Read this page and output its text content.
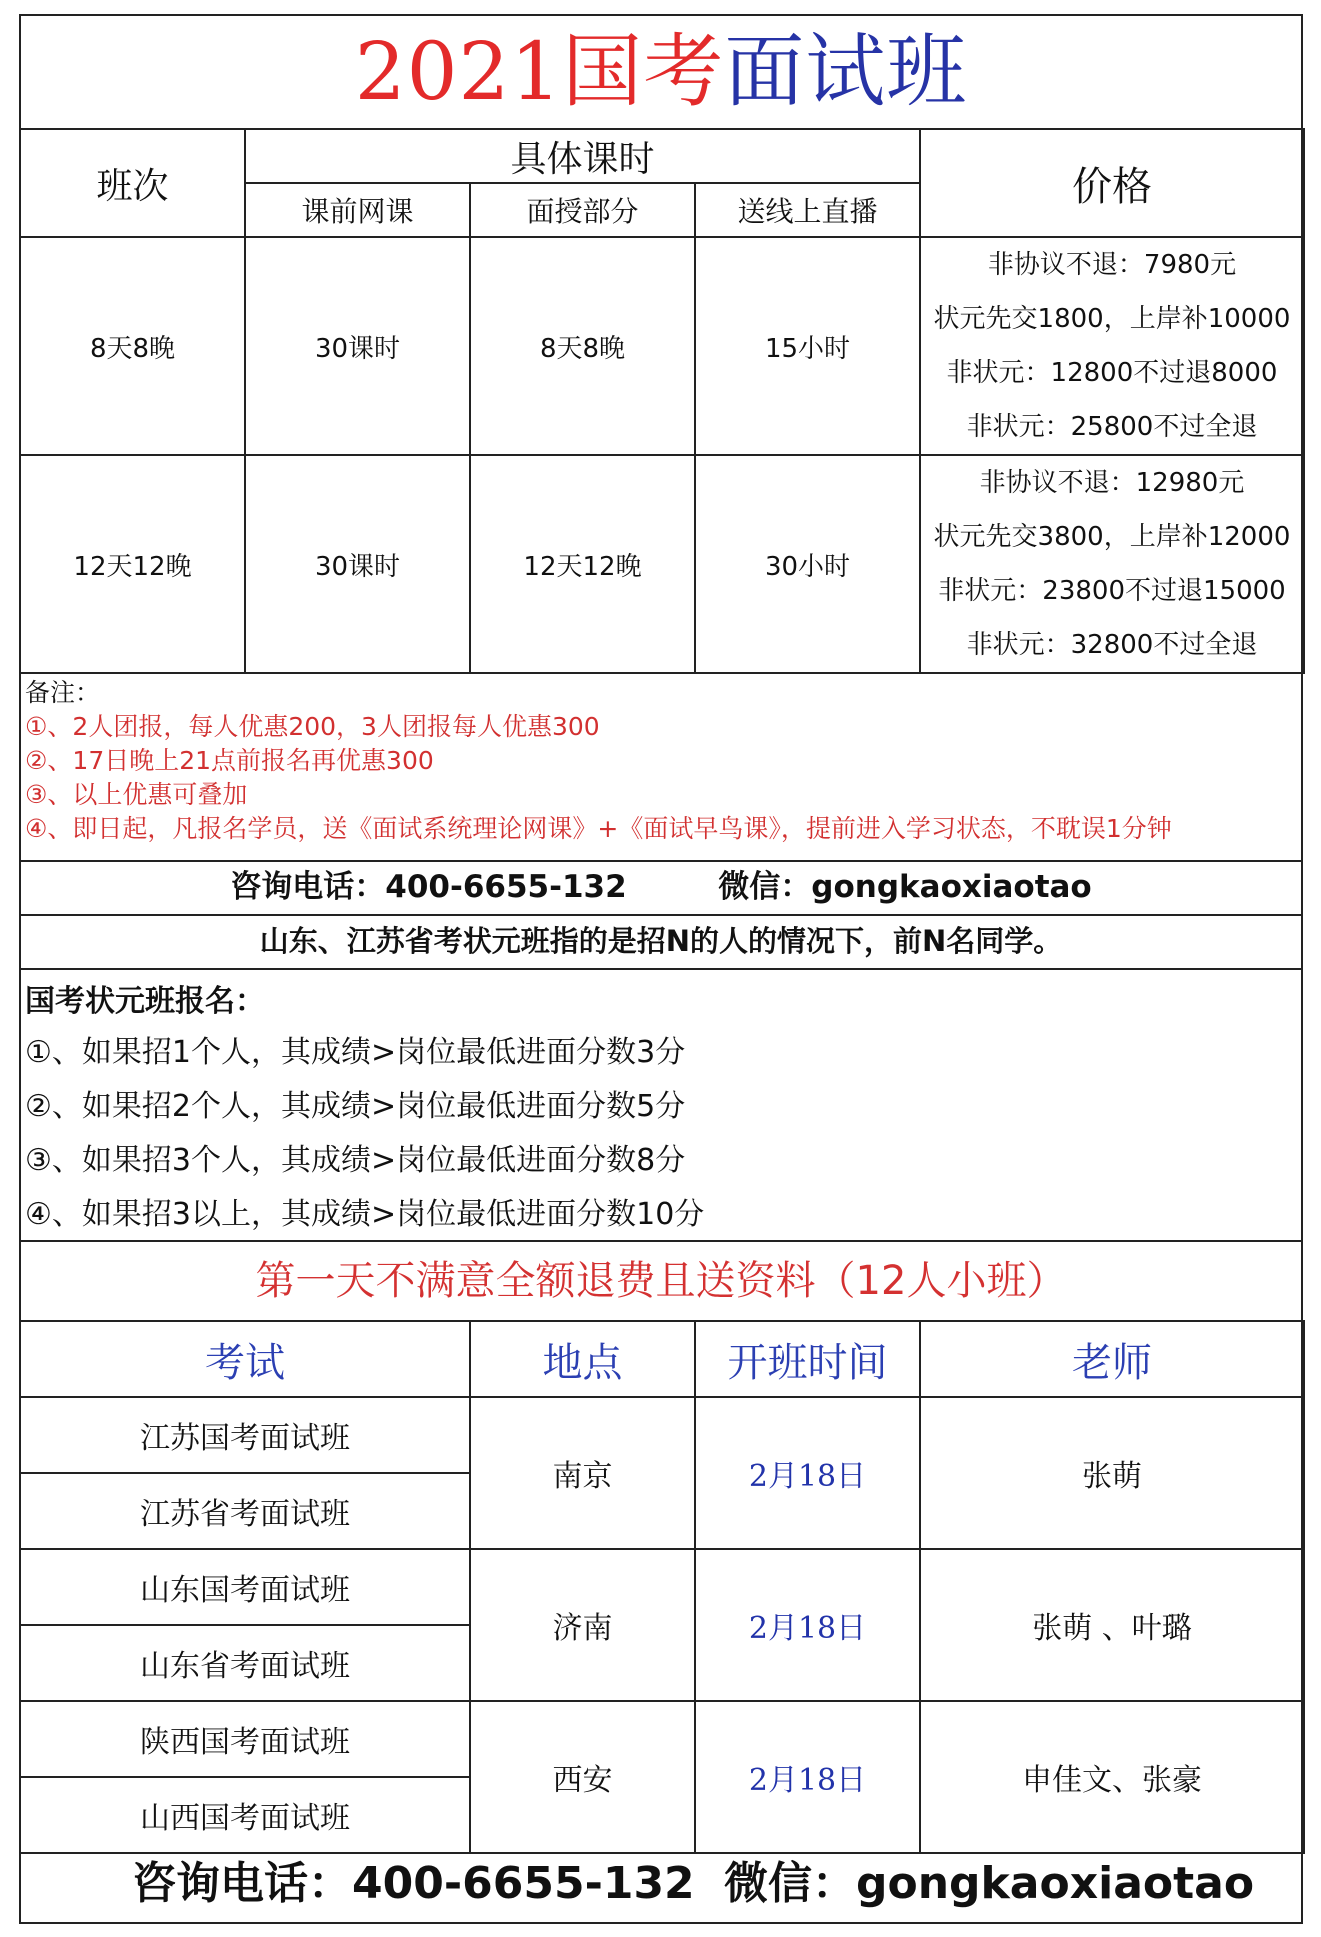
2021国考面试班
班次	具体课时			价格
	课前网课	面授部分	送线上直播	
8天8晚	30课时	8天8晚	15小时	非协议不退：7980元
状元先交1800，上岸补10000
非状元：12800不过退8000
非状元：25800不过全退

12天12晚	30课时	12天12晚	30小时	非协议不退：12980元
状元先交3800，上岸补12000
非状元：23800不过退15000
非状元：32800不过全退
备注：
①、2人团报，每人优惠200，3人团报每人优惠300
②、17日晚上21点前报名再优惠300
③、以上优惠可叠加
④、即日起，凡报名学员，送《面试系统理论网课》+《面试早鸟课》，提前进入学习状态，不耽误1分钟
咨询电话：400-6655-132	微信：gongkaoxiaotao
山东、江苏省考状元班指的是招N的人的情况下，前N名同学。
国考状元班报名：
①、如果招1个人，其成绩>岗位最低进面分数3分
②、如果招2个人，其成绩>岗位最低进面分数5分
③、如果招3个人，其成绩>岗位最低进面分数8分
④、如果招3以上，其成绩>岗位最低进面分数10分
第一天不满意全额退费且送资料（12人小班）
考试	地点	开班时间	老师
江苏国考面试班	南京	2月18日	张萌
江苏省考面试班			
山东国考面试班	济南	2月18日	张萌 、叶璐
山东省考面试班			
陕西国考面试班	西安	2月18日	申佳文、张豪
山西国考面试班			
咨询电话：400-6655-132 微信：gongkaoxiaotao
